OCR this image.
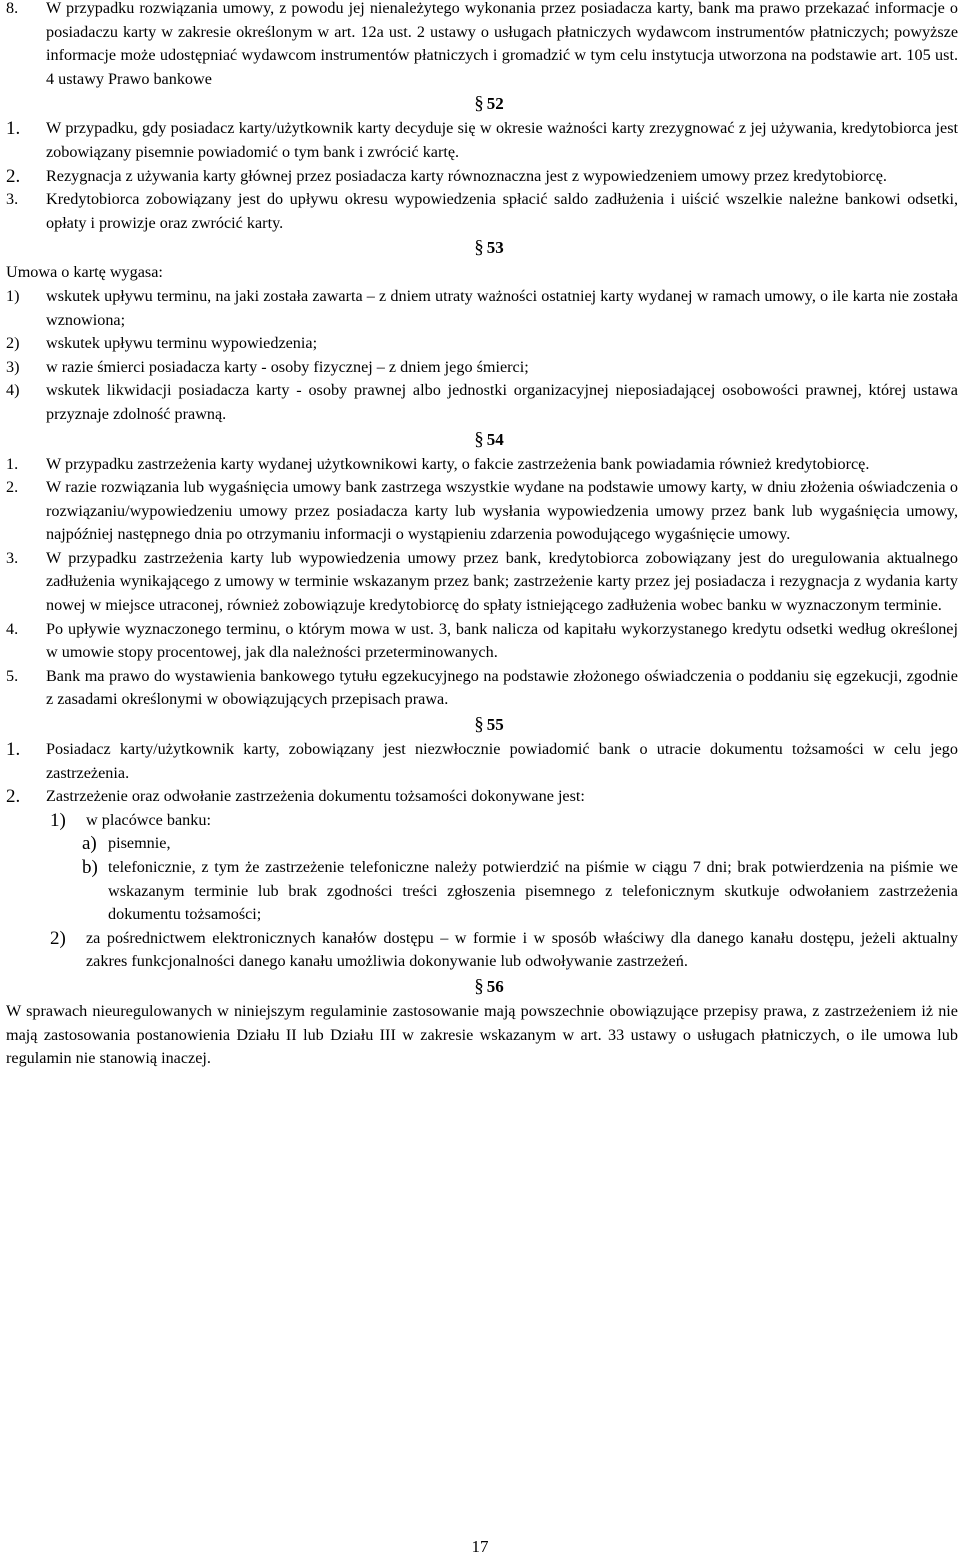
8.	W przypadku rozwiązania umowy, z powodu jej nienależytego wykonania przez posiadacza karty, bank ma prawo przekazać informacje o posiadaczu karty w zakresie określonym w art. 12a ust. 2 ustawy o usługach płatniczych wydawcom instrumentów płatniczych; powyższe informacje może udostępniać wydawcom instrumentów płatniczych i gromadzić w tym celu instytucja utworzona na podstawie art. 105 ust. 4 ustawy Prawo bankowe
§ 52
1.	W przypadku, gdy posiadacz karty/użytkownik karty decyduje się w okresie ważności karty zrezygnować z jej używania, kredytobiorca jest zobowiązany pisemnie powiadomić o tym bank i zwrócić kartę.
2.	Rezygnacja z używania karty głównej przez posiadacza karty równoznaczna jest z wypowiedzeniem umowy przez kredytobiorcę.
3.	Kredytobiorca zobowiązany jest do upływu okresu wypowiedzenia spłacić saldo zadłużenia i uiścić wszelkie należne bankowi odsetki, opłaty i prowizje oraz zwrócić karty.
§ 53
Umowa o kartę wygasa:
1)	wskutek upływu terminu, na jaki została zawarta – z dniem utraty ważności ostatniej karty wydanej w ramach umowy, o ile karta nie została wznowiona;
2)	wskutek upływu terminu wypowiedzenia;
3)	w razie śmierci posiadacza karty - osoby fizycznej – z dniem jego śmierci;
4)	wskutek likwidacji posiadacza karty - osoby prawnej albo jednostki organizacyjnej nieposiadającej osobowości prawnej, której ustawa przyznaje zdolność prawną.
§ 54
1.	W przypadku zastrzeżenia karty wydanej użytkownikowi karty, o fakcie zastrzeżenia bank powiadamia również kredytobiorcę.
2.	W razie rozwiązania lub wygaśnięcia umowy bank zastrzega wszystkie wydane na podstawie umowy karty, w dniu złożenia oświadczenia o rozwiązaniu/wypowiedzeniu umowy przez posiadacza karty lub wysłania wypowiedzenia umowy przez bank lub wygaśnięcia umowy, najpóźniej następnego dnia po otrzymaniu informacji o wystąpieniu zdarzenia powodującego wygaśnięcie umowy.
3.	W przypadku zastrzeżenia karty lub wypowiedzenia umowy przez bank, kredytobiorca zobowiązany jest do uregulowania aktualnego zadłużenia wynikającego z umowy w terminie wskazanym przez bank; zastrzeżenie karty przez jej posiadacza i rezygnacja z wydania karty nowej w miejsce utraconej, również zobowiązuje kredytobiorcę do spłaty istniejącego zadłużenia wobec banku w wyznaczonym terminie.
4.	Po upływie wyznaczonego terminu, o którym mowa w ust. 3, bank nalicza od kapitału wykorzystanego kredytu odsetki według określonej w umowie stopy procentowej, jak dla należności przeterminowanych.
5.	Bank ma prawo do wystawienia bankowego tytułu egzekucyjnego na podstawie złożonego oświadczenia o poddaniu się egzekucji, zgodnie z zasadami określonymi w obowiązujących przepisach prawa.
§ 55
1.	Posiadacz karty/użytkownik karty, zobowiązany jest niezwłocznie powiadomić bank o utracie dokumentu tożsamości w celu jego zastrzeżenia.
2.	Zastrzeżenie oraz odwołanie zastrzeżenia dokumentu tożsamości dokonywane jest:
1)	w placówce banku:
a) pisemnie,
b) telefonicznie, z tym że zastrzeżenie telefoniczne należy potwierdzić na piśmie w ciągu 7 dni; brak potwierdzenia na piśmie we wskazanym terminie lub brak zgodności treści zgłoszenia pisemnego z telefonicznym skutkuje odwołaniem zastrzeżenia dokumentu tożsamości;
2)	za pośrednictwem elektronicznych kanałów dostępu – w formie i w sposób właściwy dla danego kanału dostępu, jeżeli aktualny zakres funkcjonalności danego kanału umożliwia dokonywanie lub odwoływanie zastrzeżeń.
§ 56
W sprawach nieuregulowanych w niniejszym regulaminie zastosowanie mają powszechnie obowiązujące przepisy prawa, z zastrzeżeniem iż nie mają zastosowania postanowienia Działu II lub Działu III w zakresie wskazanym w art. 33 ustawy o usługach płatniczych, o ile umowa lub regulamin nie stanowią inaczej.
17
